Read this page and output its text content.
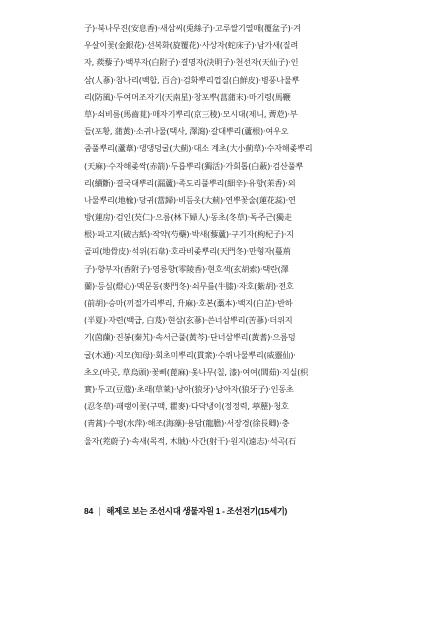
子)·북나무진(安息香)·새삼씨(兎絲子)·고루쌀기열매(覆盆子)·겨
우살이꽃(金銀花)·선복화(旋覆花)·사상자(蛇床子)·남가새(질려
자, 蒺藜子)·백부자(白附子)·결명자(決明子)·천선자(天仙子)·인
삼(人蔘)·참나리(백합, 百合)·검화뿌리껍질(白鮮皮)·병풍나물뿌
리(防風)·두여머조자기(天南星)·창포뿌(菖蒲末)·마기령(馬鞭
草)·쇠비름(馬齒莧)·매자기뿌리(京三稜)·모시대(제니, 薺苨)·부
들(포황, 蒲黃)·소귀나물(택사, 澤瀉)·갈대뿌리(蘆根)·여우오
줌풀뿌리(蘆葦)·댕댕덩굴(大薊)·대소 계초(大小薊草)·수자해좆뿌리
(天麻)·수자해좆싹(赤箭)·두릅뿌리(獨活)·가회톱(白蘞)·검산풀뿌
리(續斷)·결국대뿌리(漏蘆)·족도리풀뿌리(細辛)·유향(苿香)·외
나물뿌리(地楡)·당귀(當歸)·비듬옷(大薊)·연뿌꽃술(蓮花蕊)·연
방(蓮房)·검인(芡仁)·으름(林下婦人)·동초(冬草)·독주근(獨走
根)·파고지(破古紙)·작약(芍藥)·박새(藜蘆)·구기자(枸杞子)·지
골피(地骨皮)·석위(石韋)·호라비좆뿌리(天門冬)·만형자(蔓荊
子)·향부자(香附子)·영릉향(零陵香)·현호색(玄胡索)·택란(澤
蘭)·등심(燈心)·맥문동(麥門冬)·쇠무릎(牛膝)·자호(紫胡)·전호
(前胡)·승마(끼절가리뿌리, 升麻)·호본(藁本)·백지(白芷)·반하
(半夏)·자련(백급, 白芨)·현삼(玄蔘)·쓴너삼뿌리(苦蔘)·더위지
기(茵蔯)·진봉(秦艽)·속서근풀(黃芩)·단너삼뿌리(黃耆)·으름덩
굴(木通)·지모(知母)·회초미뿌리(貫衆)·수뤼나물뿌리(威靈仙)·
초오(바곳, 草烏頭)·꽃삐(蓖麻)·옻나무(칠, 漆)·여여(閭茹)·지실(枳
實)·두고(豆蔻)·초래(草萊)·낭아(狼牙)·낭아자(狼牙子)·인동초
(忍冬草)·패랭이꽃(구맥, 瞿麥)·다닥냉이(정정력, 葶藶)·청호
(靑蒿)·수평(水萍)·해조(海藻)·용담(龍膽)·서장경(徐長卿)·충
울자(茺蔚子)·속새(목적, 木賊)·사간(射干)·원지(遠志)·석곡(石
84 해제로 보는 조선시대 생물자원 1 - 조선전기(15세기)
